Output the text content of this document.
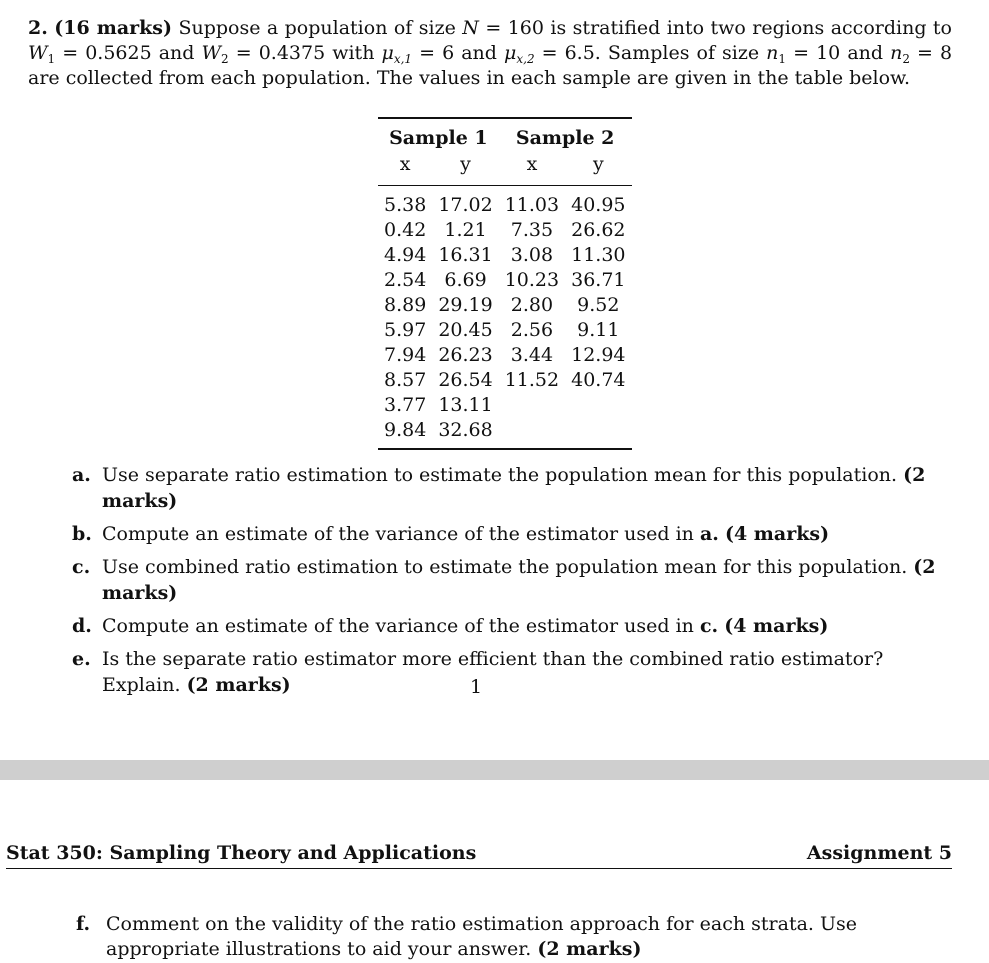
2. (16 marks) Suppose a population of size N = 160 is stratified into two regions according to $W_1 = 0.5625$ and $W_2 = 0.4375$ with $\mu_{x,1} = 6$ and $\mu_{x,2} = 6.5$. Samples of size $n_1 = 10$ and $n_2 = 8$ are collected from each population. The values in each sample are given in the table below.
Sample 1		Sample 2	
x	y	x	y
5.38	17.02	11.03	40.95
0.42	1.21	7.35	26.62
4.94	16.31	3.08	11.30
2.54	6.69	10.23	36.71
8.89	29.19	2.80	9.52
5.97	20.45	2.56	9.11
7.94	26.23	3.44	12.94
8.57	26.54	11.52	40.74
3.77	13.11		
9.84	32.68		
a. Use separate ratio estimation to estimate the population mean for this population. (2 marks)
b. Compute an estimate of the variance of the estimator used in a. (4 marks)
c. Use combined ratio estimation to estimate the population mean for this population. (2 marks)
d. Compute an estimate of the variance of the estimator used in c. (4 marks)
e. Is the separate ratio estimator more efficient than the combined ratio estimator? Explain. (2 marks)	1
Stat 350: Sampling Theory and Applications	Assignment 5
f. Comment on the validity of the ratio estimation approach for each strata. Use appropriate illustrations to aid your answer. (2 marks)
